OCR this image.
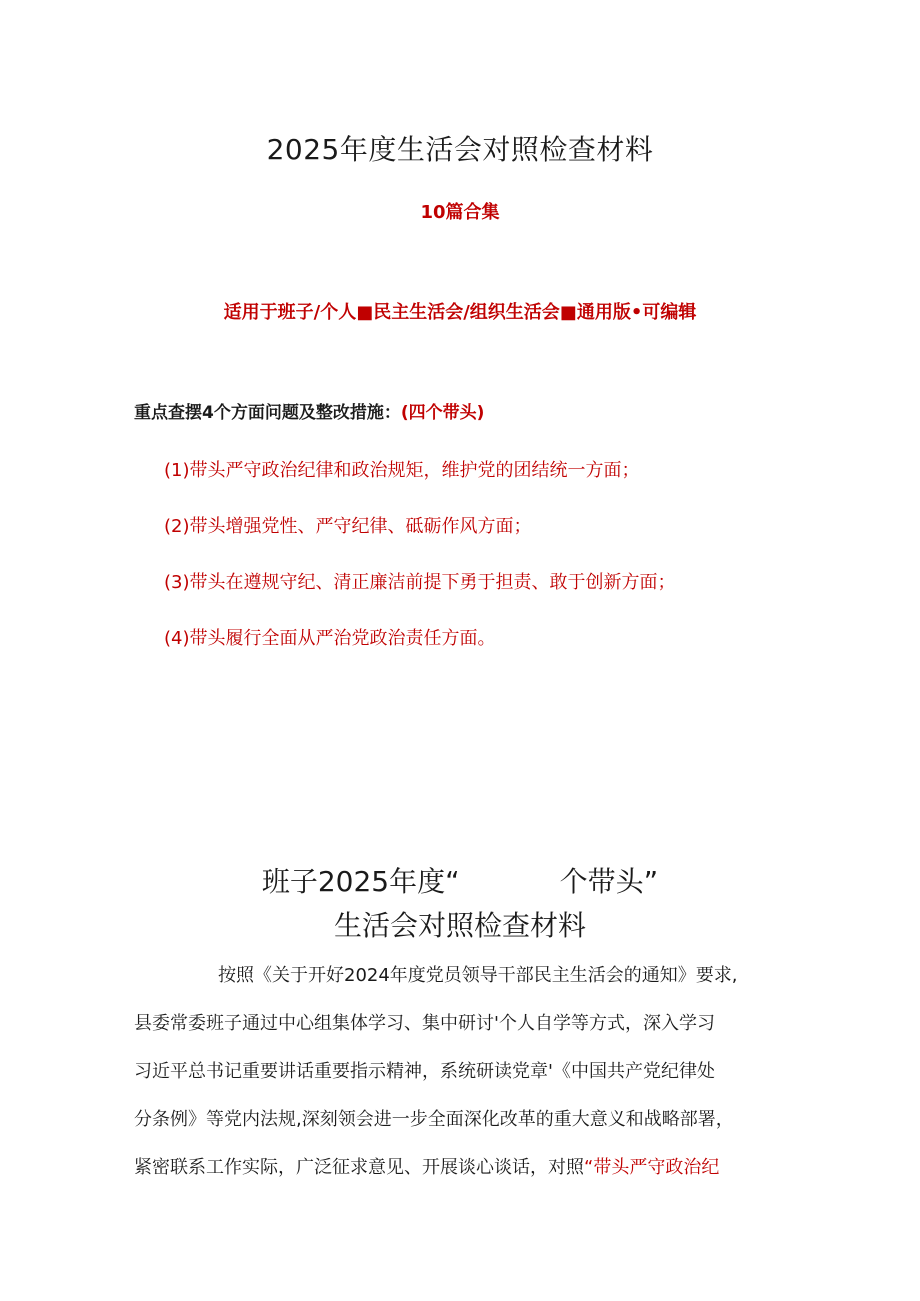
2025年度生活会对照检查材料
10篇合集
适用于班子/个人■民主生活会/组织生活会■通用版•可编辑
重点查摆4个方面问题及整改措施：(四个带头)
(1)带头严守政治纪律和政治规矩，维护党的团结统一方面；
(2)带头增强党性、严守纪律、砥砺作风方面；
(3)带头在遵规守纪、清正廉洁前提下勇于担责、敢于创新方面；
(4)带头履行全面从严治党政治责任方面。
班子2025年度“	个带头”
生活会对照检查材料
按照《关于开好2024年度党员领导干部民主生活会的通知》要求,
县委常委班子通过中心组集体学习、集中研讨'个人自学等方式，深入学习
习近平总书记重要讲话重要指示精神，系统研读党章'《中国共产党纪律处
分条例》等党内法规,深刻领会进一步全面深化改革的重大意义和战略部署，
紧密联系工作实际，广泛征求意见、开展谈心谈话，对照“带头严守政治纪
